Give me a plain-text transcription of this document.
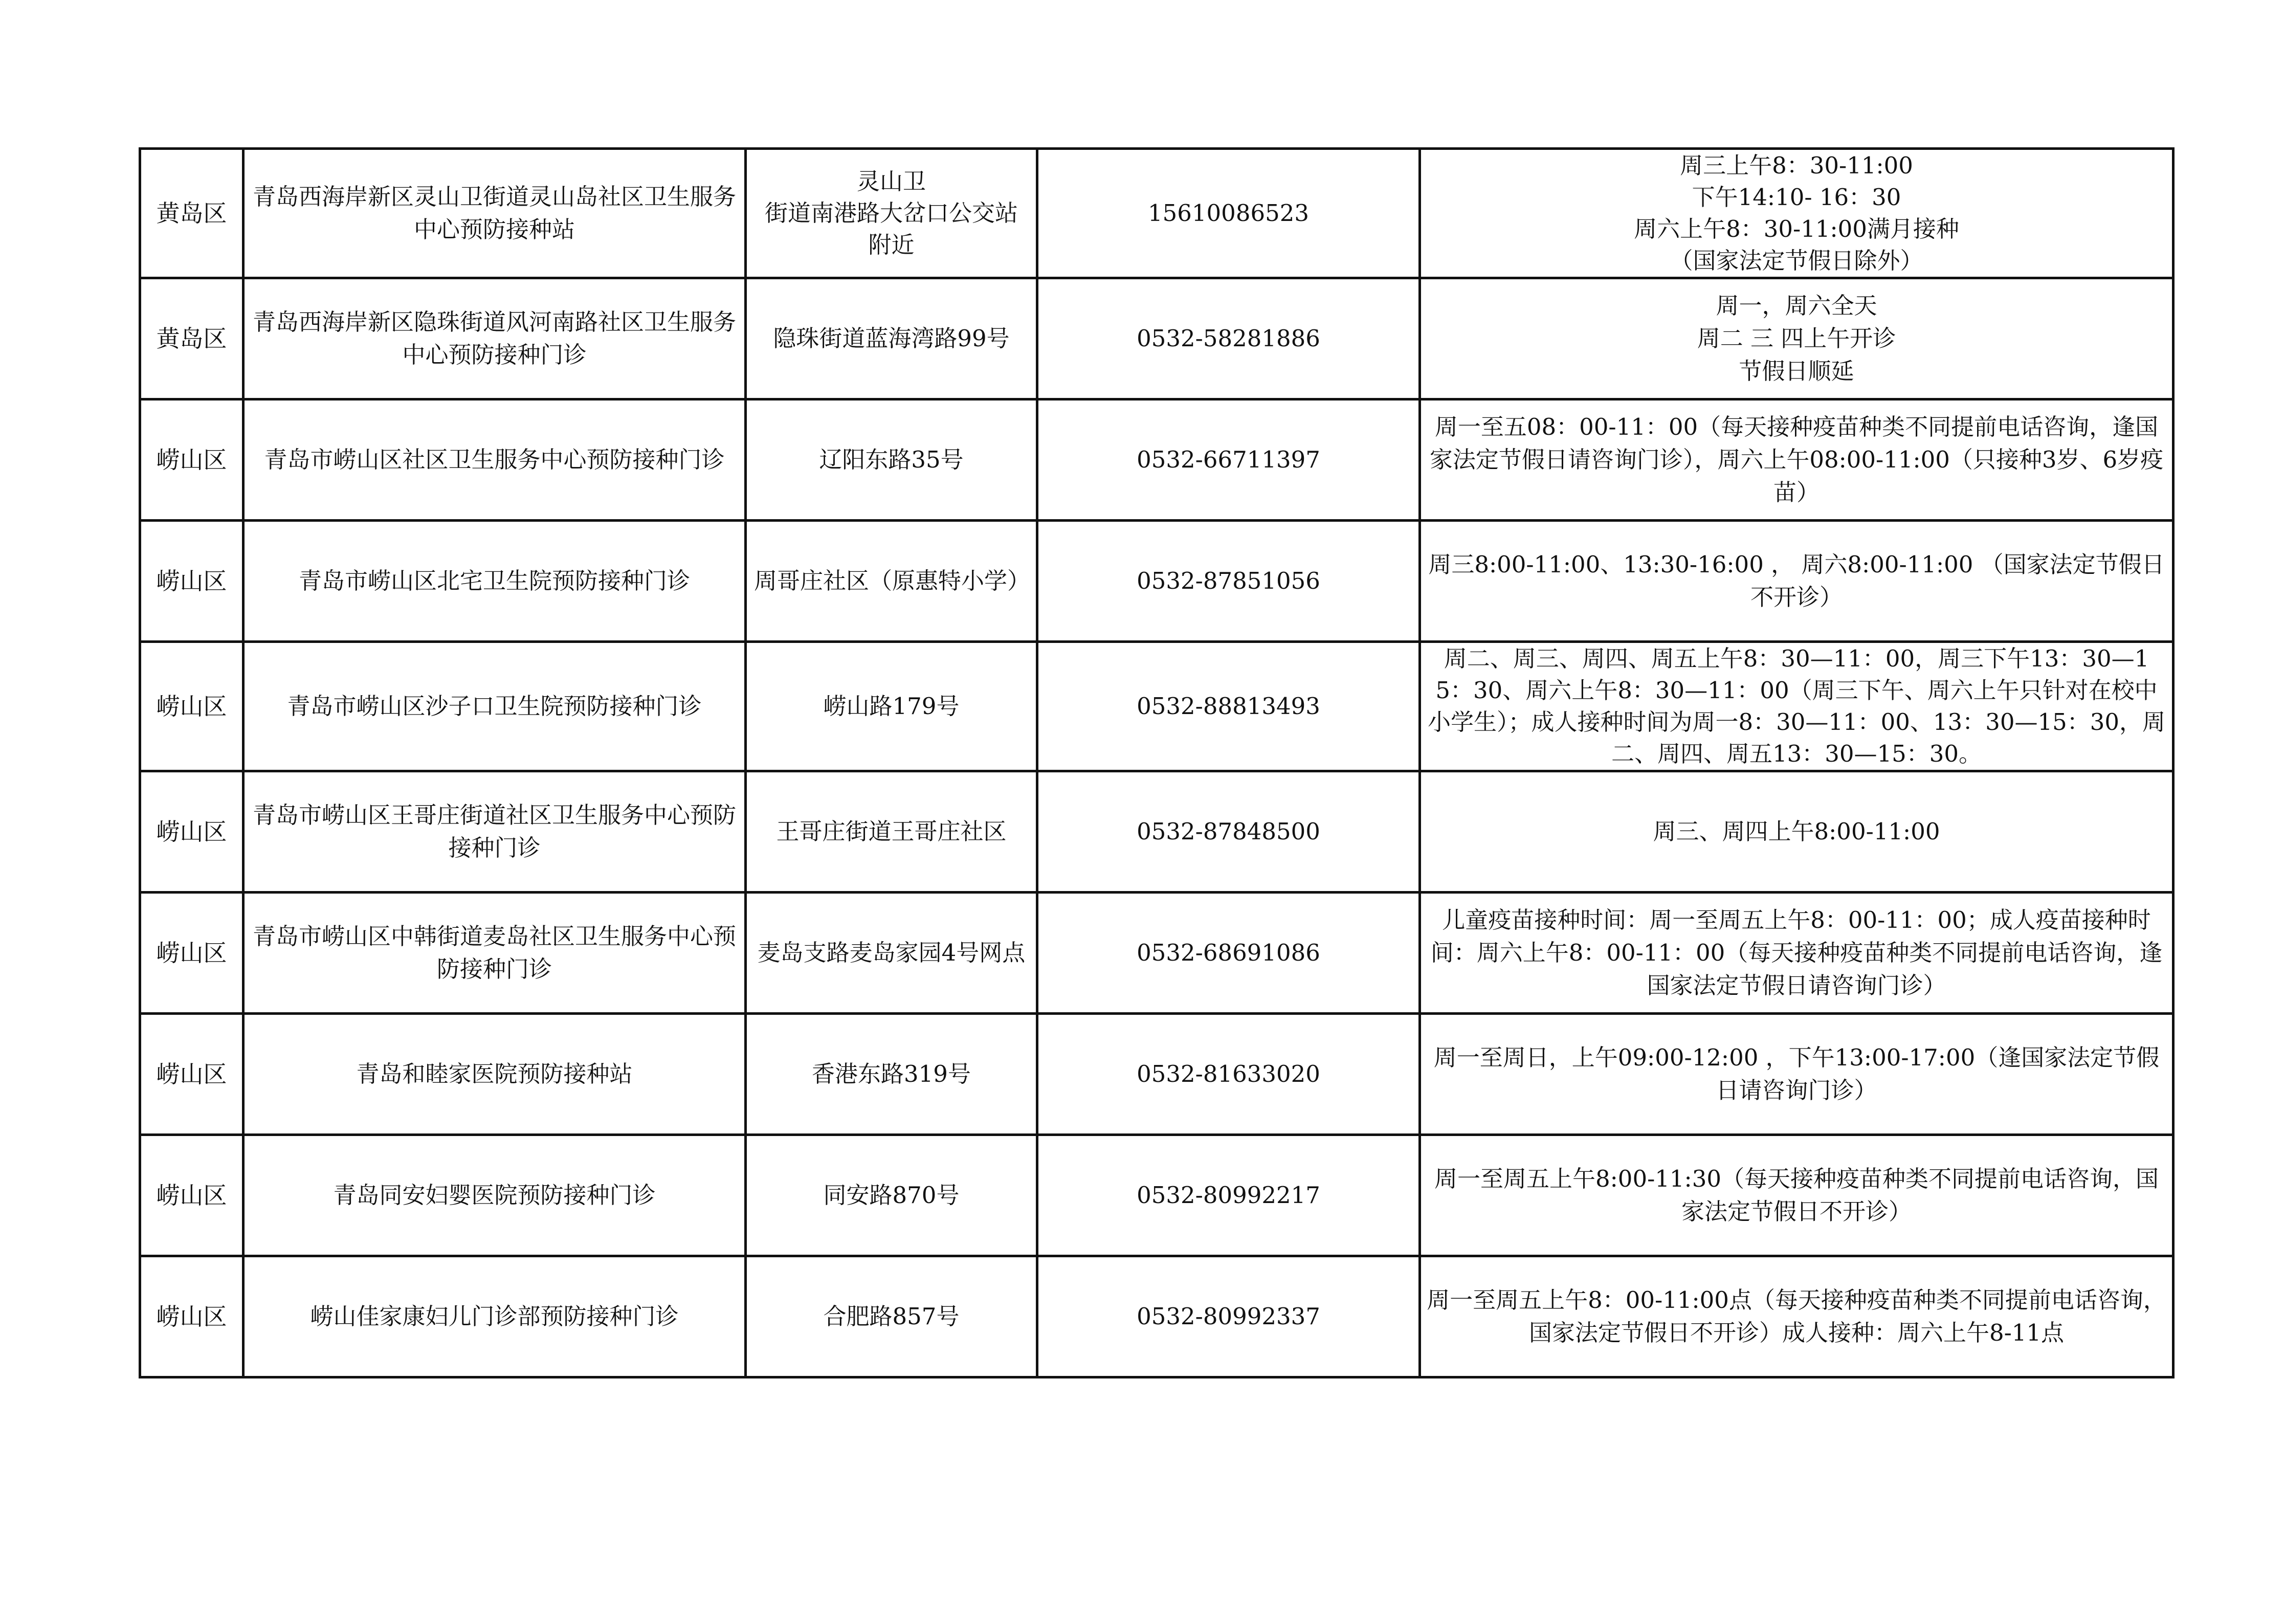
黄岛区	青岛西海岸新区灵山卫街道灵山岛社区卫生服务中心预防接种站	灵山卫
街道南港路大岔口公交站
附近	15610086523	周三上午8：30-11:00
下午14:10- 16：30
周六上午8：30-11:00满月接种
（国家法定节假日除外）
黄岛区	青岛西海岸新区隐珠街道风河南路社区卫生服务中心预防接种门诊	隐珠街道蓝海湾路99号	0532-58281886	周一，周六全天
周二 三 四上午开诊
节假日顺延
崂山区	青岛市崂山区社区卫生服务中心预防接种门诊	辽阳东路35号	0532-66711397	周一至五08：00-11：00（每天接种疫苗种类不同提前电话咨询，逢国家法定节假日请咨询门诊），周六上午08:00-11:00（只接种3岁、6岁疫苗）
崂山区	青岛市崂山区北宅卫生院预防接种门诊	周哥庄社区（原惠特小学）	0532-87851056	周三8:00-11:00、13:30-16:00 ， 周六8:00-11:00 （国家法定节假日不开诊）
崂山区	青岛市崂山区沙子口卫生院预防接种门诊	崂山路179号	0532-88813493	周二、周三、周四、周五上午8：30—11：00，周三下午13：30—15：30、周六上午8：30—11：00（周三下午、周六上午只针对在校中小学生）；成人接种时间为周一8：30—11：00、13：30—15：30，周二、周四、周五13：30—15：30。
崂山区	青岛市崂山区王哥庄街道社区卫生服务中心预防接种门诊	王哥庄街道王哥庄社区	0532-87848500	周三、周四上午8:00-11:00
崂山区	青岛市崂山区中韩街道麦岛社区卫生服务中心预防接种门诊	麦岛支路麦岛家园4号网点	0532-68691086	儿童疫苗接种时间：周一至周五上午8：00-11：00；成人疫苗接种时间：周六上午8：00-11：00（每天接种疫苗种类不同提前电话咨询，逢国家法定节假日请咨询门诊）
崂山区	青岛和睦家医院预防接种站	香港东路319号	0532-81633020	周一至周日，上午09:00-12:00 ，下午13:00-17:00（逢国家法定节假日请咨询门诊）
崂山区	青岛同安妇婴医院预防接种门诊	同安路870号	0532-80992217	周一至周五上午8:00-11:30（每天接种疫苗种类不同提前电话咨询，国家法定节假日不开诊）
崂山区	崂山佳家康妇儿门诊部预防接种门诊	合肥路857号	0532-80992337	周一至周五上午8：00-11:00点（每天接种疫苗种类不同提前电话咨询，国家法定节假日不开诊）成人接种：周六上午8-11点
